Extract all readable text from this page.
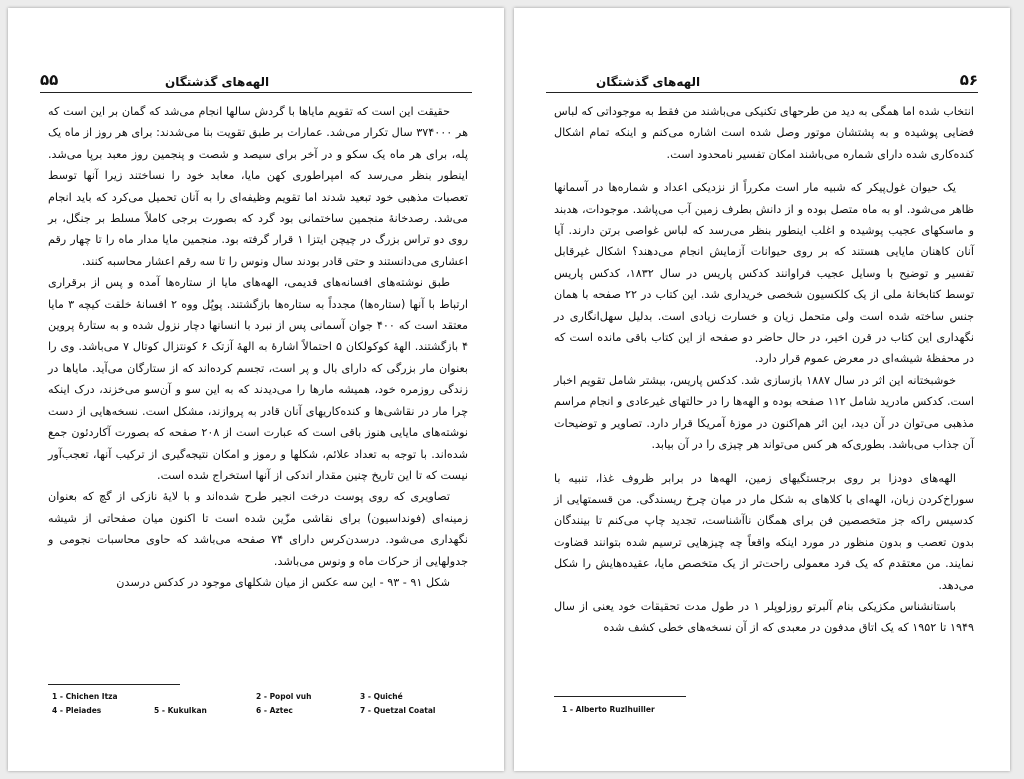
۵۵	الهه‌های گذشتگان

حقیقت این است که تقویم مایاها با گردش سالها انجام می‌شد که گمان بر این است که هر ۳۷۴۰۰۰ سال تکرار می‌شد. عمارات بر طبق تقویت بنا می‌شدند: برای هر روز از ماه یک پله، برای هر ماه یک سکو و در آخر برای سیصد و شصت و پنجمین روز معبد برپا می‌شد. اینطور بنظر می‌رسد که امپراطوری کهن مایا، معابد خود را نساختند زیرا آنها توسط تعصبات مذهبی خود تبعید شدند اما تقویم وظیفه‌ای را به آنان تحمیل می‌کرد که باید انجام می‌شد. رصدخانهٔ منجمین ساختمانی بود گرد که بصورت برجی کاملاً مسلط بر جنگل، بر روی دو تراس بزرگ در چیچن ایتزا ۱ قرار گرفته بود. منجمین مایا مدار ماه را تا چهار رقم اعشاری می‌دانستند و حتی قادر بودند سال ونوس را تا سه رقم اعشار محاسبه کنند.

طبق نوشته‌های افسانه‌های قدیمی، الهه‌های مایا از ستاره‌ها آمده و پس از برقراری ارتباط با آنها (ستاره‌ها) مجدداً به ستاره‌ها بازگشتند. پوپُل ووه ۲ افسانهٔ خلقت کیچه ۳ مایا معتقد است که ۴۰۰ جوان آسمانی پس از نبرد با انسانها دچار نزول شده و به ستارهٔ پروین ۴ بازگشتند. الههٔ کوکولکان ۵ احتمالاً اشارهٔ به الههٔ آزتک ۶ کونتزال کوتال ۷ می‌باشد. وی را بعنوان مار بزرگی که دارای بال و پر است، تجسم کرده‌اند که از ستارگان می‌آید. مایاها در زندگی روزمره خود، همیشه مارها را می‌دیدند که به این سو و آن‌سو می‌خزند، درک اینکه چرا مار در نقاشی‌ها و کنده‌کاریهای آنان قادر به پروازند، مشکل است. نسخه‌هایی از دست نوشته‌های مایایی هنوز باقی است که عبارت است از ۲۰۸ صفحه که بصورت آکاردئون جمع شده‌اند. با توجه به تعداد علائم، شکلها و رموز و امکان نتیجه‌گیری از ترکیب آنها، تعجب‌آور نیست که تا این تاریخ چنین مقدار اندکی از آنها استخراج شده است.

تصاویری که روی پوست درخت انجیر طرح شده‌اند و با لایهٔ نازکی از گچ که بعنوان زمینه‌ای (فونداسیون) برای نقاشی مزّین شده است تا اکنون میان صفحاتی از شیشه نگهداری می‌شود. درسدن‌کرس دارای ۷۴ صفحه می‌باشد که حاوی محاسبات نجومی و جدولهایی از حرکات ماه و ونوس می‌باشد.

شکل ۹۱ - ۹۳ - این سه عکس از میان شکلهای موجود در کدکس درسدن

1 - Chichen Itza	2 - Popol vuh	3 - Quiché
4 - Pleiades	5 - Kukulkan	6 - Aztec	7 - Quetzal Coatal
الهه‌های گذشتگان	۵۶

انتخاب شده اما همگی به دید من طرحهای تکنیکی می‌باشند من فقط به موجوداتی که لباس فضایی پوشیده و به پشتشان موتور وصل شده است اشاره می‌کنم و اینکه تمام اشکال کنده‌کاری شده دارای شماره می‌باشند امکان تفسیر نامحدود است.

یک حیوان غول‌پیکر که شبیه مار است مکرراً از نزدیکی اعداد و شماره‌ها در آسمانها ظاهر می‌شود. او به ماه متصل بوده و از دانش بطرف زمین آب می‌پاشد. موجودات، هدبند و ماسکهای عجیب پوشیده و اغلب اینطور بنظر می‌رسد که لباس غواصی برتن دارند. آیا آنان کاهنان مایایی هستند که بر روی حیوانات آزمایش انجام می‌دهند؟ اشکال غیرقابل تفسیر و توضیح با وسایل عجیب فراوانند کدکس پاریس در سال ۱۸۳۲، کدکس پاریس توسط کتابخانهٔ ملی از یک کلکسیون شخصی خریداری شد. این کتاب در ۲۲ صفحه با همان جنس ساخته شده است ولی متحمل زیان و خسارت زیادی است. بدلیل سهل‌انگاری در نگهداری این کتاب در قرن اخیر، در حال حاضر دو صفحه از این کتاب باقی مانده است که در محفظهٔ شیشه‌ای در معرض عموم قرار دارد.

خوشبختانه این اثر در سال ۱۸۸۷ بازسازی شد. کدکس پاریس، بیشتر شامل تقویم اخبار است. کدکس مادرید شامل ۱۱۲ صفحه بوده و الهه‌ها را در حالتهای غیرعادی و انجام مراسم مذهبی می‌توان در آن دید، این اثر هم‌اکنون در موزهٔ آمریکا قرار دارد. تصاویر و توضیحات آن جذاب می‌باشد. بطوری‌که هر کس می‌تواند هر چیزی را در آن بیابد.

الهه‌های دودزا بر روی برجستگیهای زمین، الهه‌ها در برابر ظروف غذا، تنبیه با سوراخ‌کردن زبان، الهه‌ای با کلاهای به شکل مار در میان چرخ ریسندگی. من قسمتهایی از کدسیس راکه جز متخصصین فن برای همگان ناآشناست، تجدید چاپ می‌کنم تا بینندگان بدون تعصب و بدون منظور در مورد اینکه واقعاً چه چیزهایی ترسیم شده بتوانند قضاوت نمایند. من معتقدم که یک فرد معمولی راحت‌تر از یک متخصص مایا، عقیده‌هایش را شکل می‌دهد.

باستانشناس مکزیکی بنام آلبرتو روزلوپلر ۱ در طول مدت تحقیقات خود یعنی از سال ۱۹۴۹ تا ۱۹۵۲ که یک اتاق مدفون در معبدی که از آن نسخه‌های خطی کشف شده

1 - Alberto Ruzlhuiller
